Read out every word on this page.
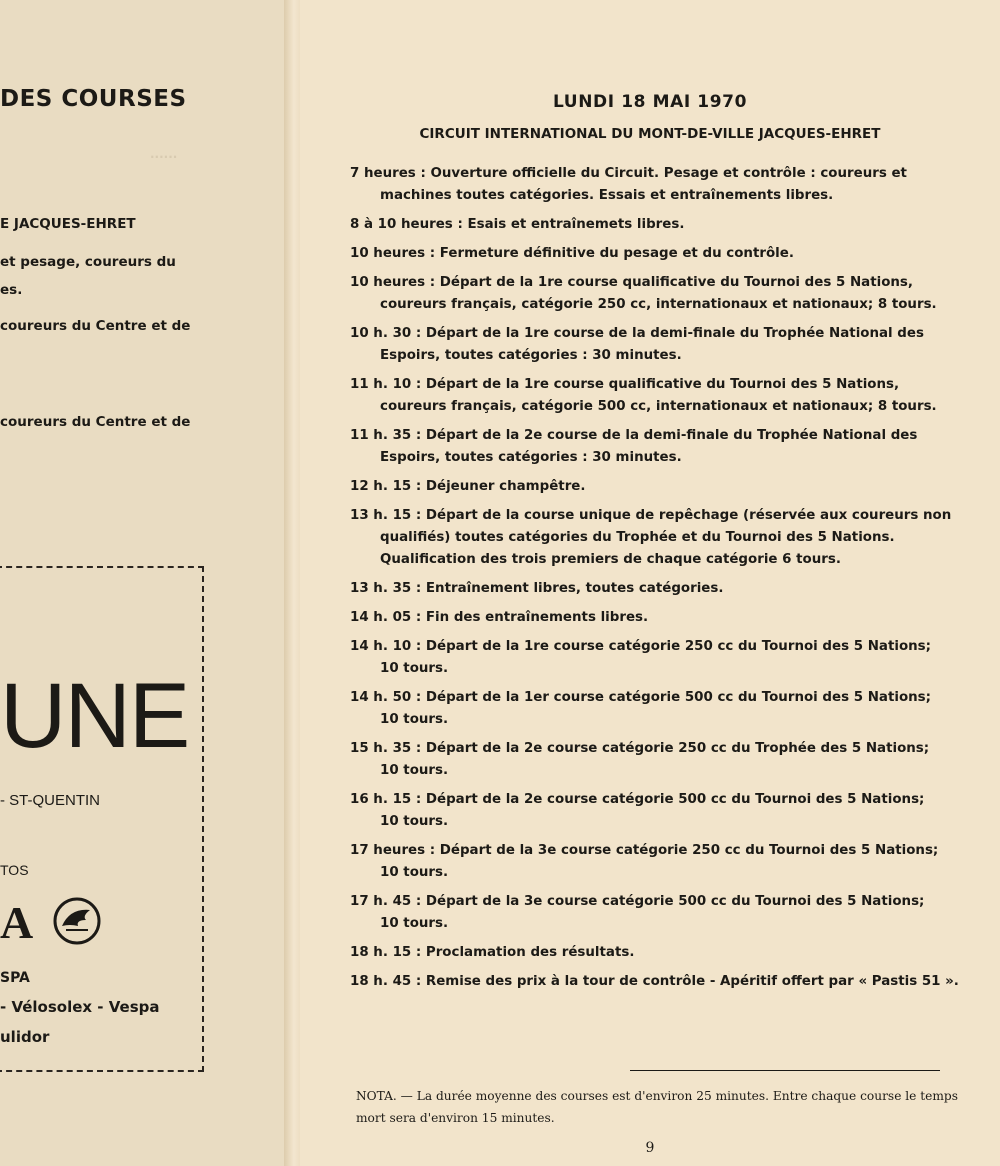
······
DES COURSES
E JACQUES-EHRET
et pesage, coureurs du
es.
coureurs du Centre et de
coureurs du Centre et de
UNE
- ST-QUENTIN
TOS
A
SPA
- Vélosolex - Vespa
ulidor
LUNDI 18 MAI 1970
CIRCUIT INTERNATIONAL DU MONT-DE-VILLE JACQUES-EHRET

7 heures : Ouverture officielle du Circuit. Pesage et contrôle : coureurs et

machines toutes catégories. Essais et entraînements libres.

8 à 10 heures : Esais et entraînemets libres.

10 heures : Fermeture définitive du pesage et du contrôle.

10 heures : Départ de la 1re course qualificative du Tournoi des 5 Nations,

coureurs français, catégorie 250 cc, internationaux et nationaux; 8 tours.

10 h. 30 : Départ de la 1re course de la demi-finale du Trophée National des

Espoirs, toutes catégories : 30 minutes.

11 h. 10 : Départ de la 1re course qualificative du Tournoi des 5 Nations,

coureurs français, catégorie 500 cc, internationaux et nationaux; 8 tours.

11 h. 35 : Départ de la 2e course de la demi-finale du Trophée National des

Espoirs, toutes catégories : 30 minutes.

12 h. 15 : Déjeuner champêtre.

13 h. 15 : Départ de la course unique de repêchage (réservée aux coureurs non

qualifiés) toutes catégories du Trophée et du Tournoi des 5 Nations.
Qualification des trois premiers de chaque catégorie 6 tours.

13 h. 35 : Entraînement libres, toutes catégories.

14 h. 05 : Fin des entraînements libres.

14 h. 10 : Départ de la 1re course catégorie 250 cc du Tournoi des 5 Nations;

10 tours.

14 h. 50 : Départ de la 1er course catégorie 500 cc du Tournoi des 5 Nations;

10 tours.

15 h. 35 : Départ de la 2e course catégorie 250 cc du Trophée des 5 Nations;

10 tours.

16 h. 15 : Départ de la 2e course catégorie 500 cc du Tournoi des 5 Nations;

10 tours.

17 heures : Départ de la 3e course catégorie 250 cc du Tournoi des 5 Nations;

10 tours.

17 h. 45 : Départ de la 3e course catégorie 500 cc du Tournoi des 5 Nations;

10 tours.

18 h. 15 : Proclamation des résultats.

18 h. 45 : Remise des prix à la tour de contrôle - Apéritif offert par « Pastis 51 ».

NOTA. — La durée moyenne des courses est d'environ 25 minutes. Entre chaque course le temps mort sera d'environ 15 minutes.
9
